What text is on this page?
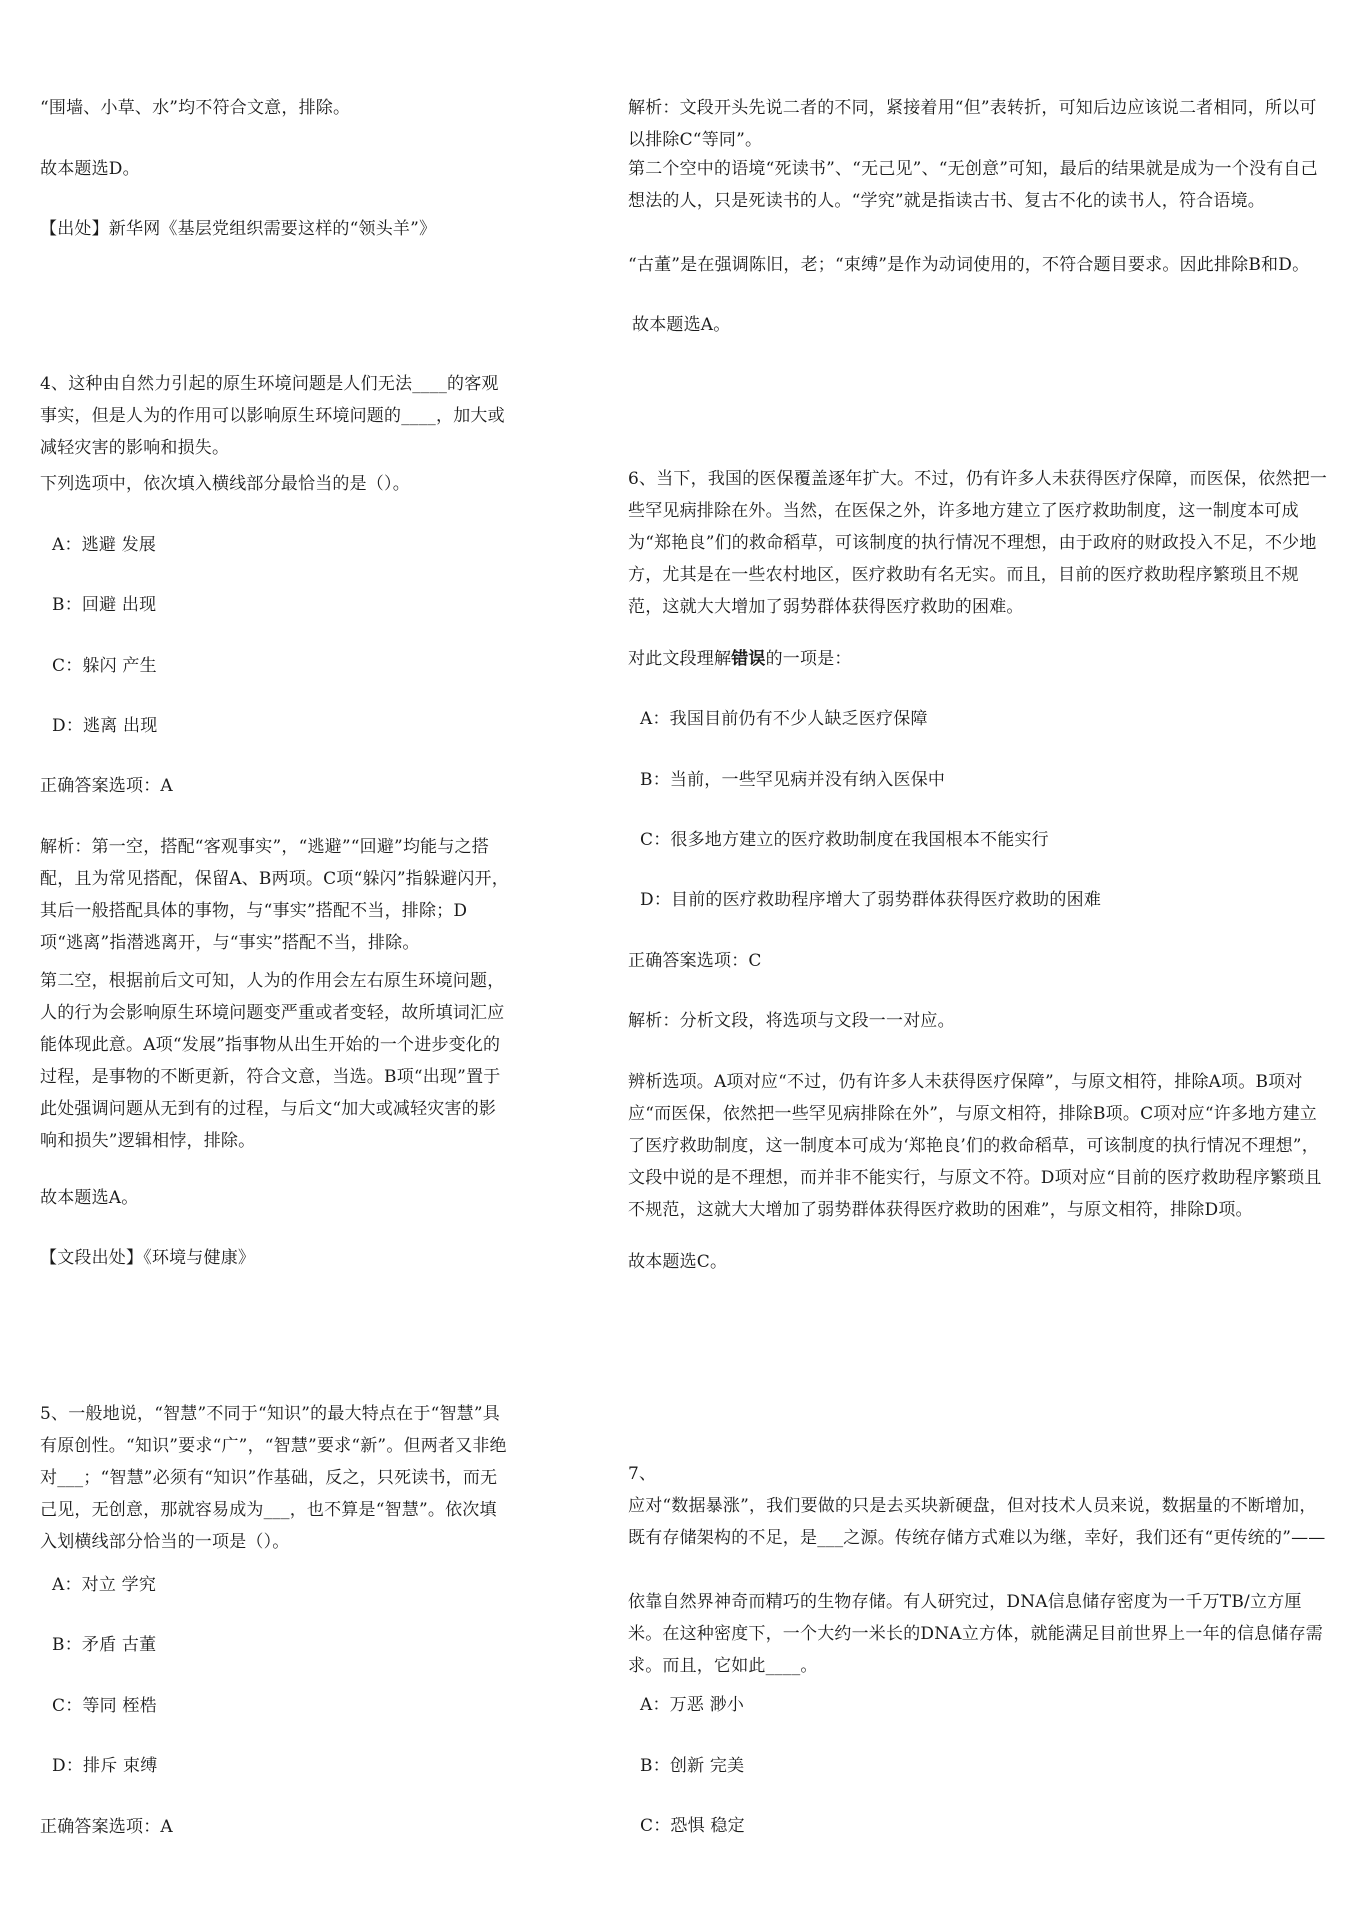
“围墙、小草、水”均不符合文意，排除。

故本题选D。

【出处】新华网《基层党组织需要这样的“领头羊”》

4、这种由自然力引起的原生环境问题是人们无法____的客观事实，但是人为的作用可以影响原生环境问题的____，加大或减轻灾害的影响和损失。

下列选项中，依次填入横线部分最恰当的是（）。

A：逃避 发展

B：回避 出现

C：躲闪 产生

D：逃离 出现

正确答案选项：A

解析：第一空，搭配“客观事实”，“逃避”“回避”均能与之搭配，且为常见搭配，保留A、B两项。C项“躲闪”指躲避闪开，其后一般搭配具体的事物，与“事实”搭配不当，排除；D项“逃离”指潜逃离开，与“事实”搭配不当，排除。

第二空，根据前后文可知，人为的作用会左右原生环境问题，人的行为会影响原生环境问题变严重或者变轻，故所填词汇应能体现此意。A项“发展”指事物从出生开始的一个进步变化的过程，是事物的不断更新，符合文意，当选。B项“出现”置于此处强调问题从无到有的过程，与后文“加大或减轻灾害的影响和损失”逻辑相悖，排除。

故本题选A。

【文段出处】《环境与健康》

5、一般地说，“智慧”不同于“知识”的最大特点在于“智慧”具有原创性。“知识”要求“广”，“智慧”要求“新”。但两者又非绝对___；“智慧”必须有“知识”作基础，反之，只死读书，而无己见，无创意，那就容易成为___，也不算是“智慧”。依次填入划横线部分恰当的一项是（）。

A：对立 学究

B：矛盾 古董

C：等同 桎梏

D：排斥 束缚

正确答案选项：A

解析：文段开头先说二者的不同，紧接着用“但”表转折，可知后边应该说二者相同，所以可以排除C“等同”。

第二个空中的语境“死读书”、“无己见”、“无创意”可知，最后的结果就是成为一个没有自己想法的人，只是死读书的人。“学究”就是指读古书、复古不化的读书人，符合语境。

“古董”是在强调陈旧，老；“束缚”是作为动词使用的，不符合题目要求。因此排除B和D。

故本题选A。

6、当下，我国的医保覆盖逐年扩大。不过，仍有许多人未获得医疗保障，而医保，依然把一些罕见病排除在外。当然，在医保之外，许多地方建立了医疗救助制度，这一制度本可成为“郑艳良”们的救命稻草，可该制度的执行情况不理想，由于政府的财政投入不足，不少地方，尤其是在一些农村地区，医疗救助有名无实。而且，目前的医疗救助程序繁琐且不规范，这就大大增加了弱势群体获得医疗救助的困难。

对此文段理解错误的一项是：

A：我国目前仍有不少人缺乏医疗保障

B：当前，一些罕见病并没有纳入医保中

C：很多地方建立的医疗救助制度在我国根本不能实行

D：目前的医疗救助程序增大了弱势群体获得医疗救助的困难

正确答案选项：C

解析：分析文段，将选项与文段一一对应。

辨析选项。A项对应“不过，仍有许多人未获得医疗保障”，与原文相符，排除A项。B项对应“而医保，依然把一些罕见病排除在外”，与原文相符，排除B项。C项对应“许多地方建立了医疗救助制度，这一制度本可成为‘郑艳良’们的救命稻草，可该制度的执行情况不理想”，文段中说的是不理想，而并非不能实行，与原文不符。D项对应“目前的医疗救助程序繁琐且不规范，这就大大增加了弱势群体获得医疗救助的困难”，与原文相符，排除D项。

故本题选C。

7、

应对“数据暴涨”，我们要做的只是去买块新硬盘，但对技术人员来说，数据量的不断增加，既有存储架构的不足，是___之源。传统存储方式难以为继，幸好，我们还有“更传统的”——

依靠自然界神奇而精巧的生物存储。有人研究过，DNA信息储存密度为一千万TB/立方厘米。在这种密度下，一个大约一米长的DNA立方体，就能满足目前世界上一年的信息储存需求。而且，它如此____。

A：万恶 渺小

B：创新 完美

C：恐惧 稳定
